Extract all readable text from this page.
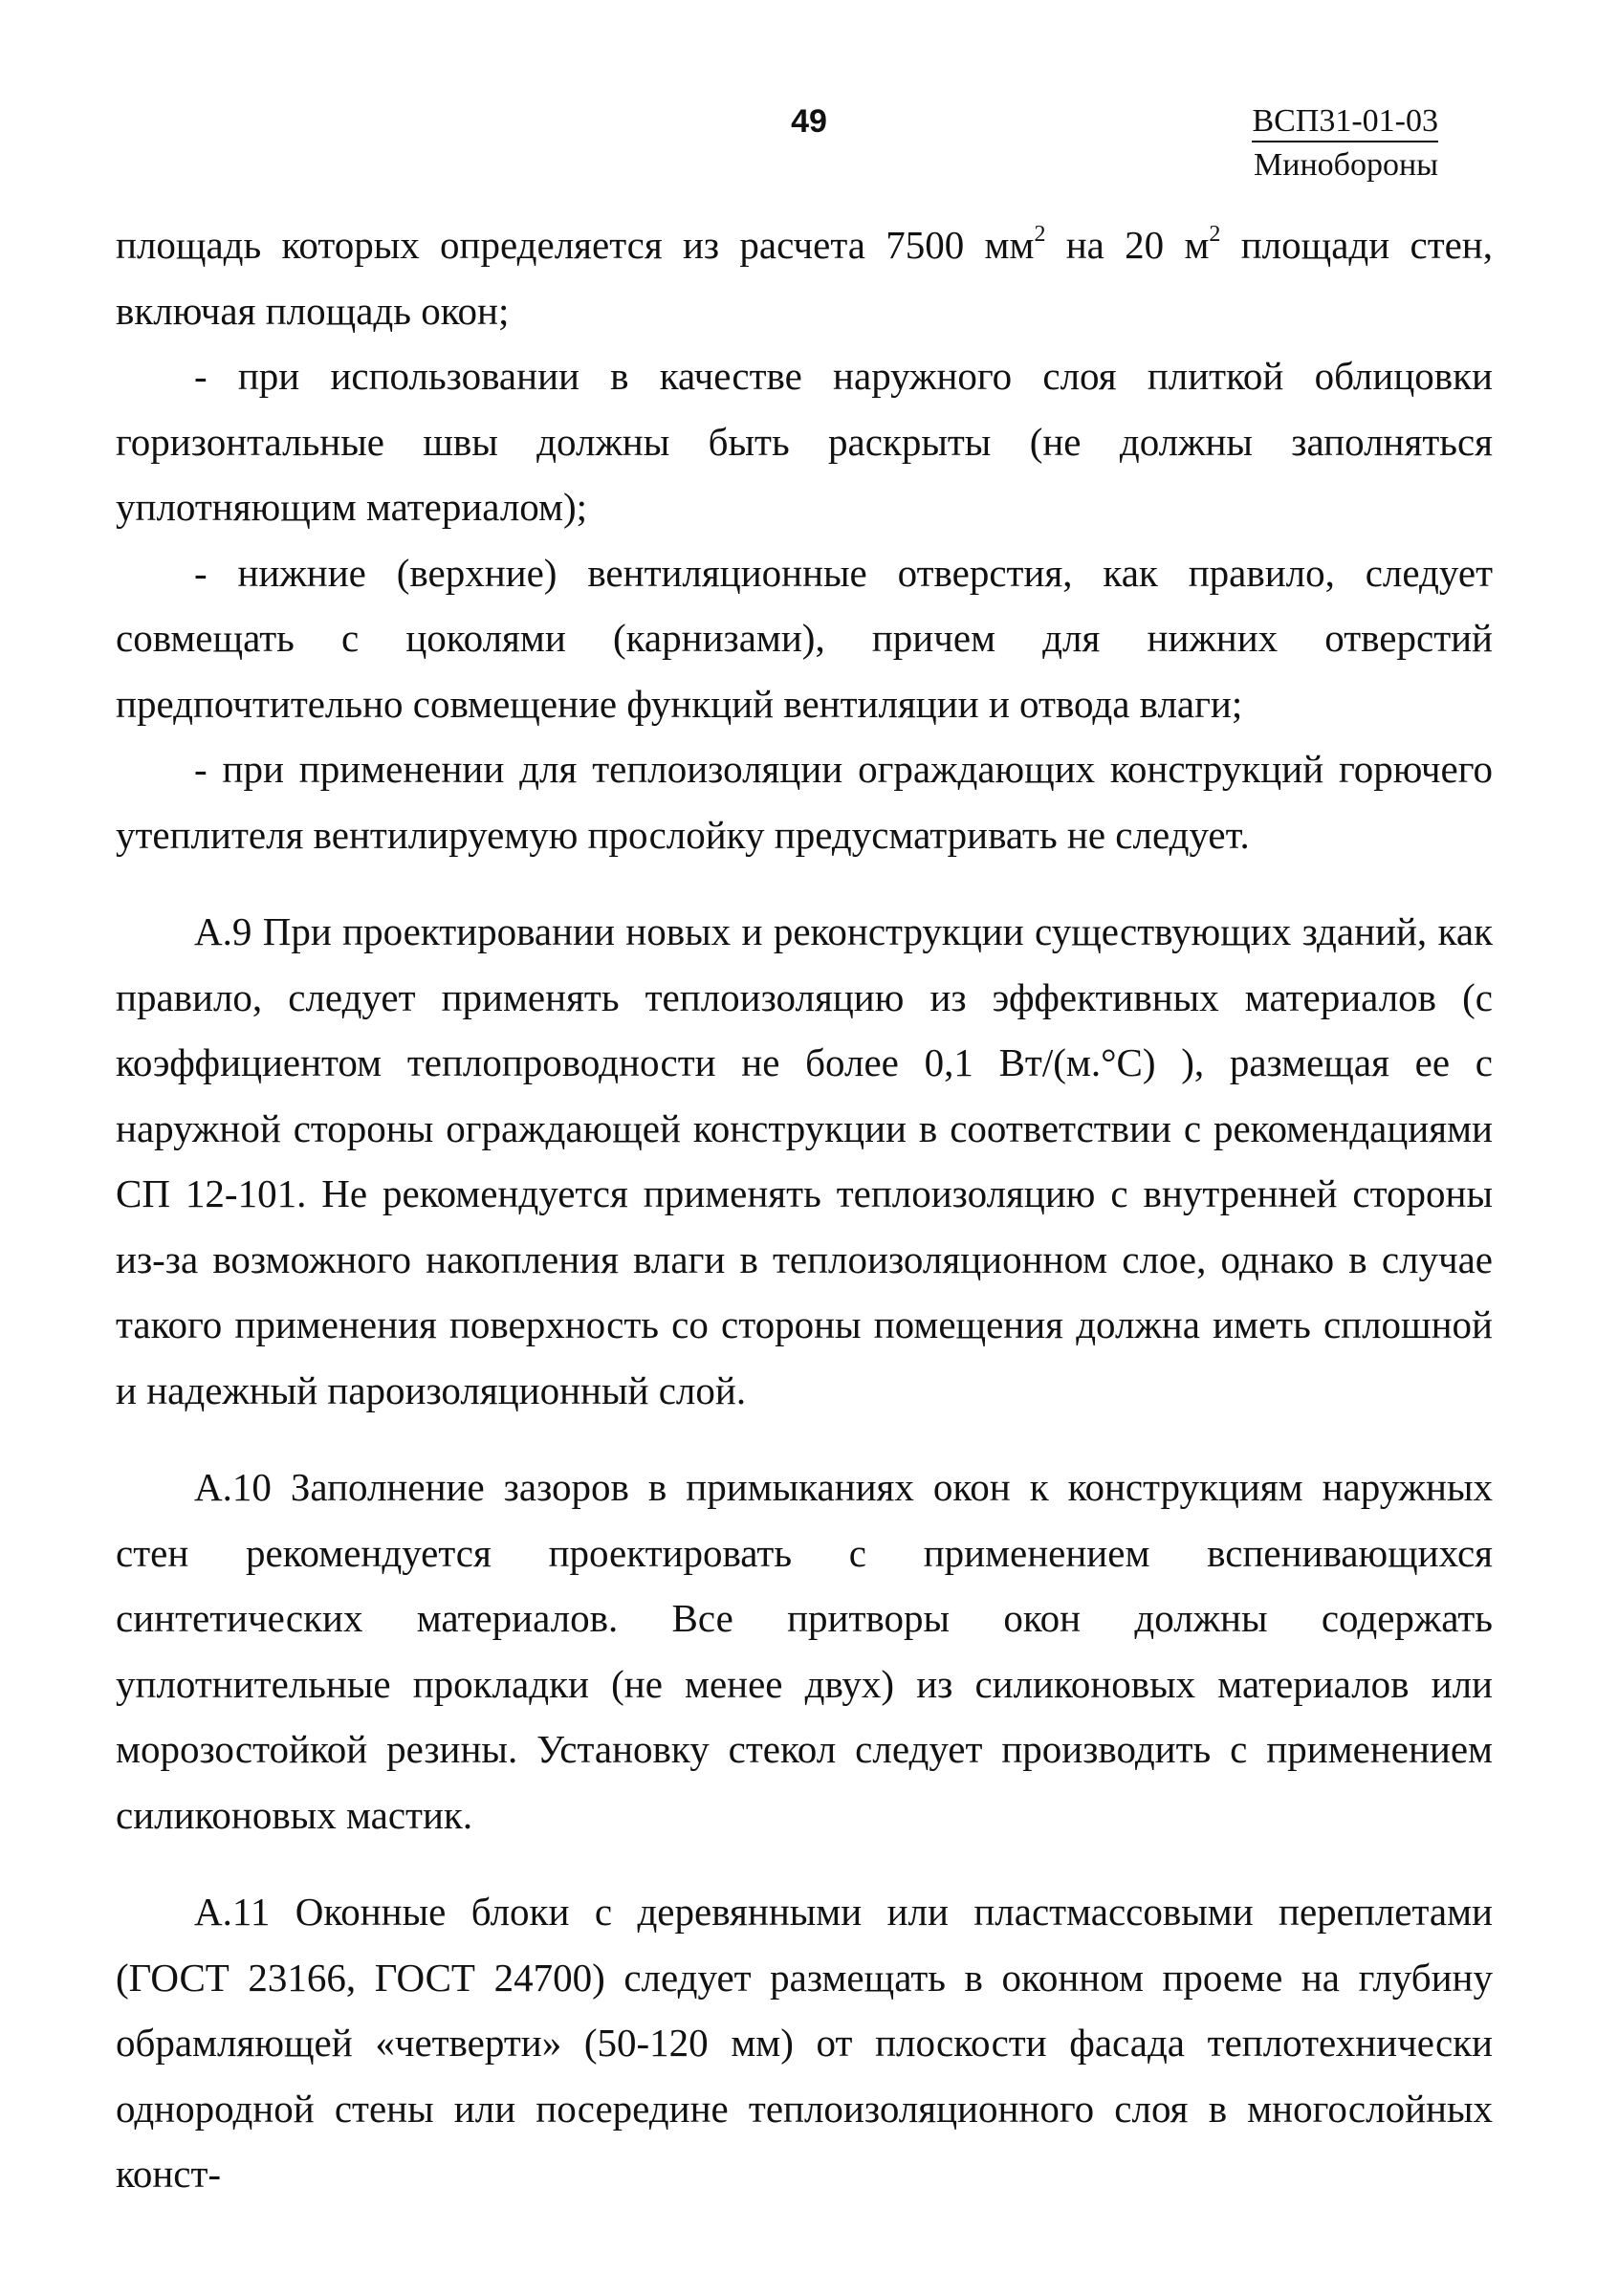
49	ВСП31-01-03
Минобороны

площадь которых определяется из расчета 7500 $мм^2$ на 20 $м^2$ площади стен, включая площадь окон;

- при использовании в качестве наружного слоя плиткой облицовки горизонтальные швы должны быть раскрыты (не должны заполняться уплотняющим материалом);

- нижние (верхние) вентиляционные отверстия, как правило, следует совмещать с цоколями (карнизами), причем для нижних отверстий предпочтительно совмещение функций вентиляции и отвода влаги;

- при применении для теплоизоляции ограждающих конструкций горючего утеплителя вентилируемую прослойку предусматривать не следует.

А.9 При проектировании новых и реконструкции существующих зданий, как правило, следует применять теплоизоляцию из эффективных материалов (с коэффициентом теплопроводности не более 0,1 Вт/(м.°С) ), размещая ее с наружной стороны ограждающей конструкции в соответствии с рекомендациями СП 12-101. Не рекомендуется применять теплоизоляцию с внутренней стороны из-за возможного накопления влаги в теплоизоляционном слое, однако в случае такого применения поверхность со стороны помещения должна иметь сплошной и надежный пароизоляционный слой.

А.10 Заполнение зазоров в примыканиях окон к конструкциям наружных стен рекомендуется проектировать с применением вспенивающихся синтетических материалов. Все притворы окон должны содержать уплотнительные прокладки (не менее двух) из силиконовых материалов или морозостойкой резины. Установку стекол следует производить с применением силиконовых мастик.

А.11 Оконные блоки с деревянными или пластмассовыми переплетами (ГОСТ 23166, ГОСТ 24700) следует размещать в оконном проеме на глубину обрамляющей «четверти» (50-120 мм) от плоскости фасада теплотехнически однородной стены или посередине теплоизоляционного слоя в многослойных конст-
